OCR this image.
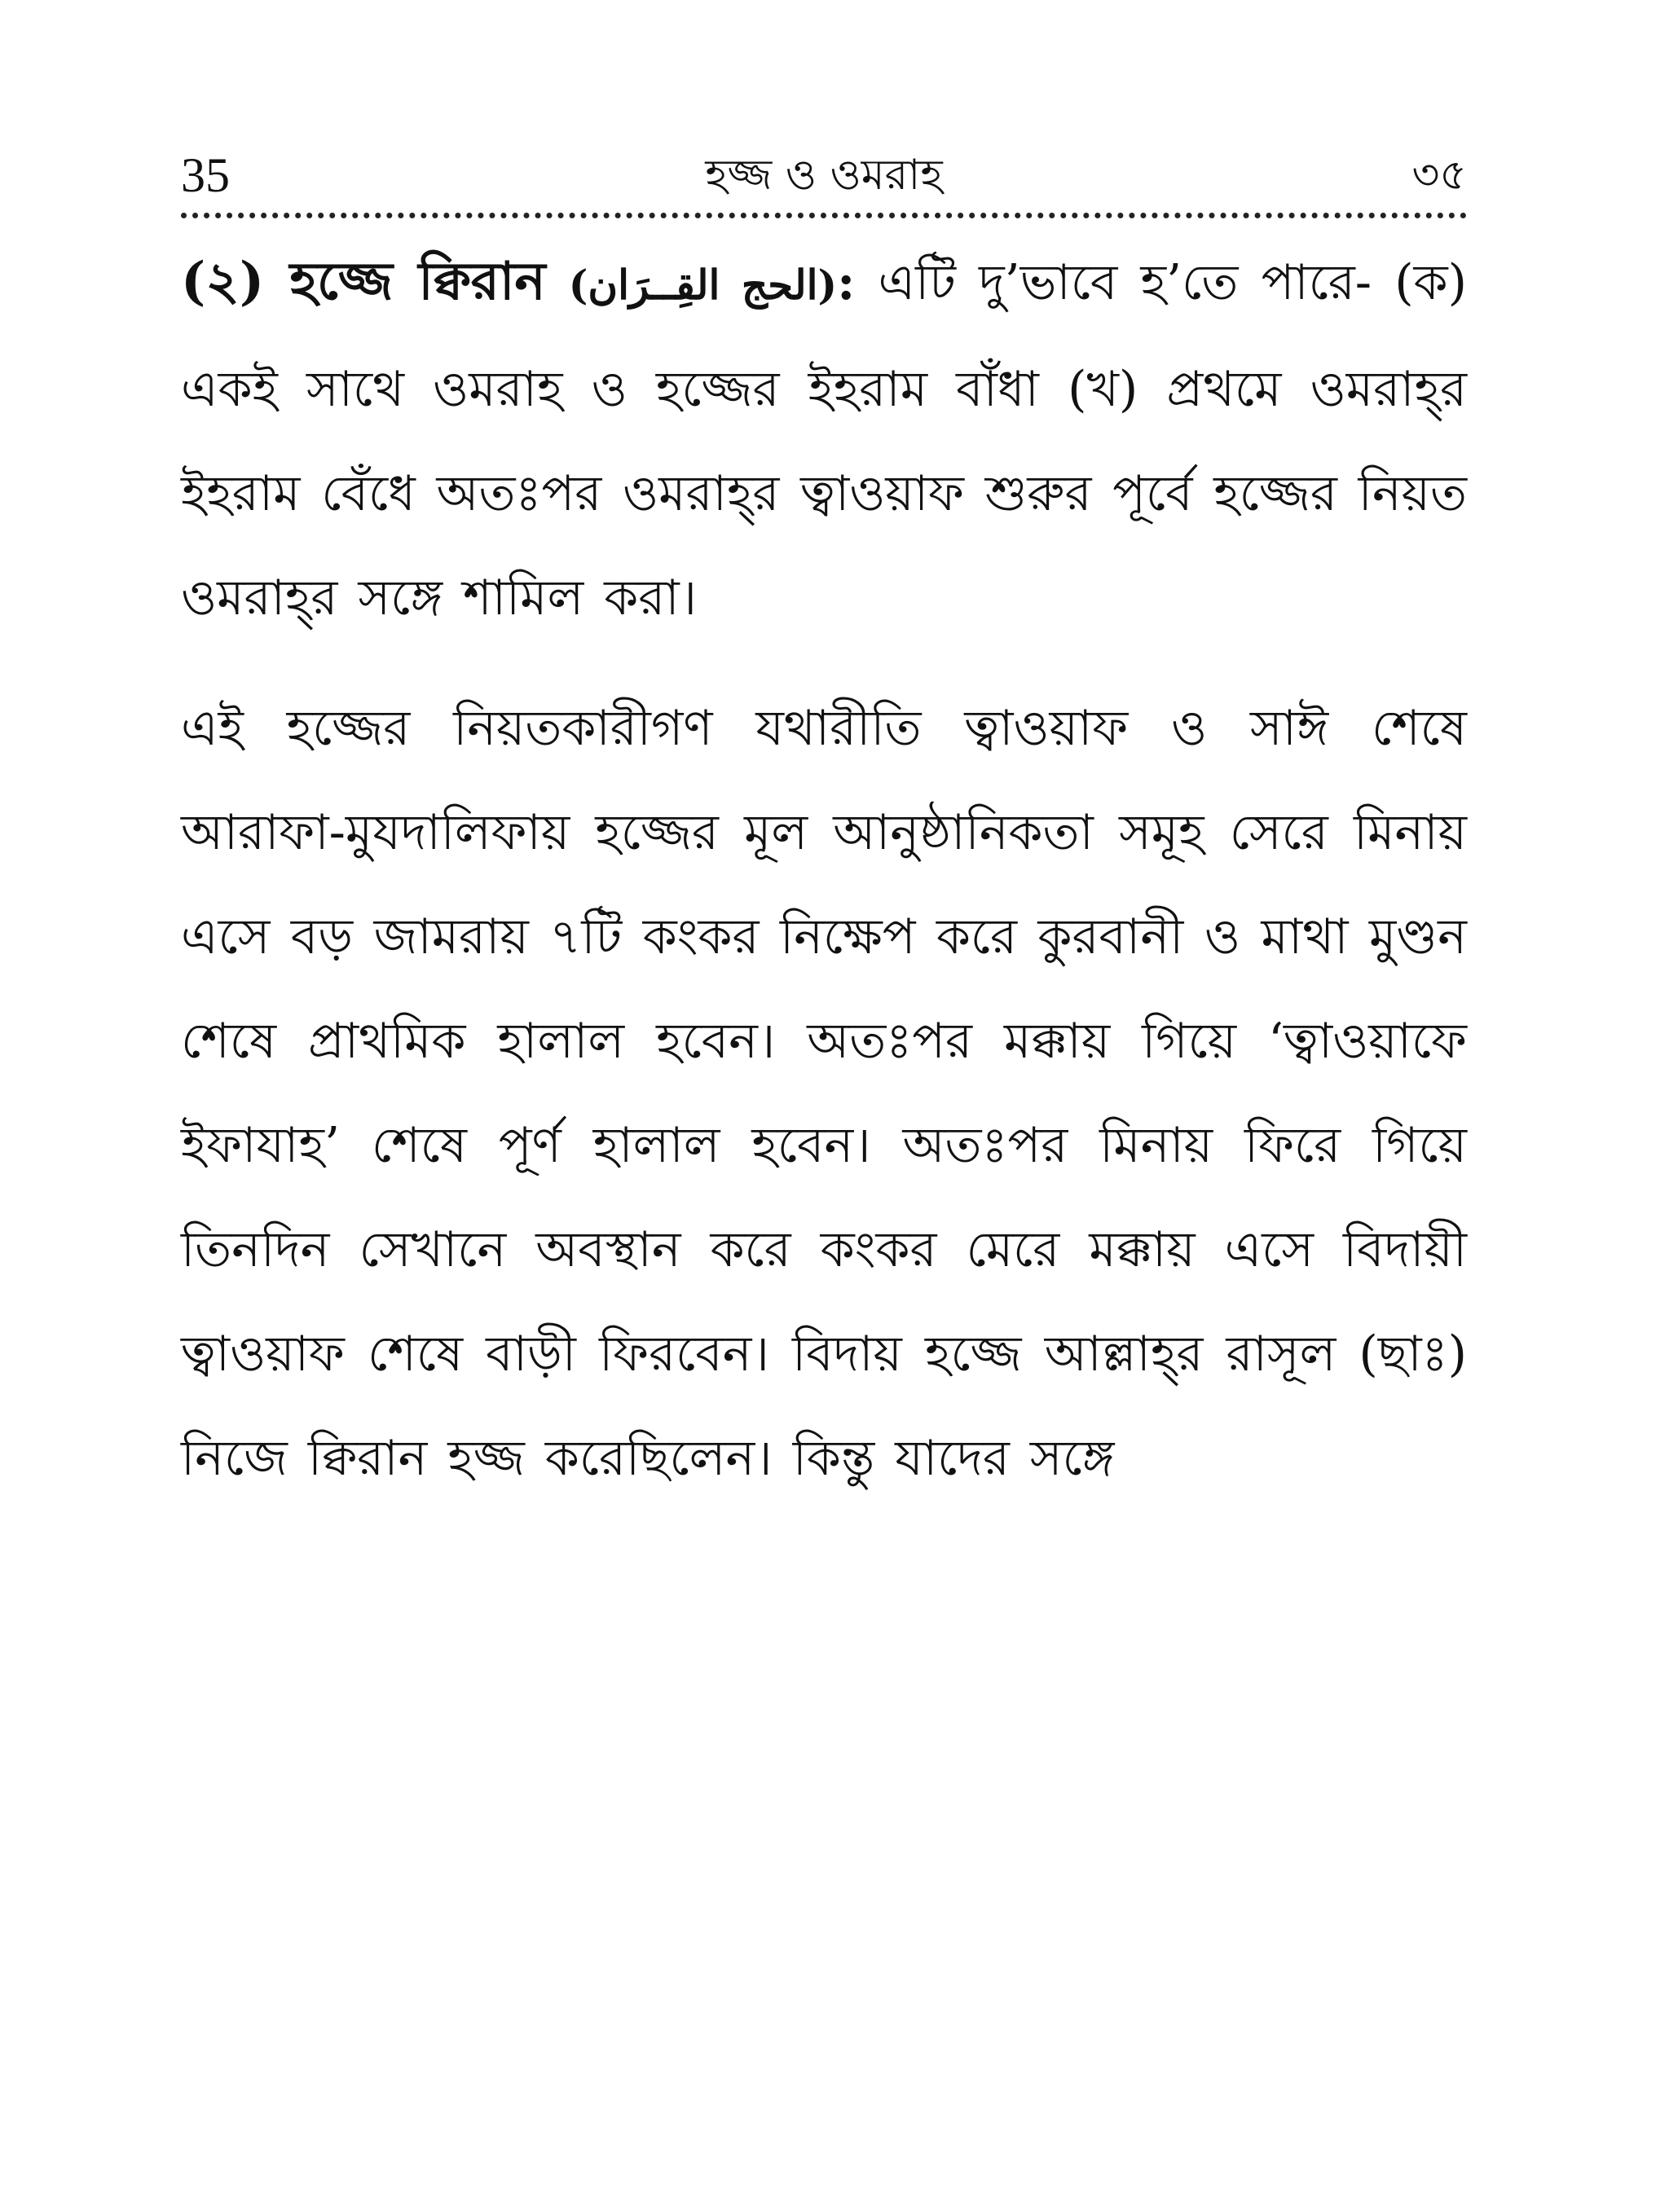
35	হজ্জ ও ওমরাহ	৩৫

(২) হজ্জে ক্বিরান (الحج القِــرَان): এটি দু’ভাবে হ’তে পারে- (ক) একই সাথে ওমরাহ ও হজ্জের ইহরাম বাঁধা (খ) প্রথমে ওমরাহ্‌র ইহরাম বেঁধে অতঃপর ওমরাহ্‌র ত্বাওয়াফ শুরুর পূর্বে হজ্জের নিয়ত ওমরাহ্‌র সঙ্গে শামিল করা।

এই হজ্জের নিয়তকারীগণ যথারীতি ত্বাওয়াফ ও সাঈ শেষে আরাফা-মুযদালিফায় হজ্জের মূল আনুষ্ঠানিকতা সমূহ সেরে মিনায় এসে বড় জামরায় ৭টি কংকর নিক্ষেপ করে কুরবানী ও মাথা মুণ্ডন শেষে প্রাথমিক হালাল হবেন। অতঃপর মক্কায় গিয়ে ‘ত্বাওয়াফে ইফাযাহ’ শেষে পূর্ণ হালাল হবেন। অতঃপর মিনায় ফিরে গিয়ে তিনদিন সেখানে অবস্থান করে কংকর মেরে মক্কায় এসে বিদায়ী ত্বাওয়াফ শেষে বাড়ী ফিরবেন। বিদায় হজ্জে আল্লাহ্‌র রাসূল (ছাঃ) নিজে ক্বিরান হজ্জ করেছিলেন। কিন্তু যাদের সঙ্গে
